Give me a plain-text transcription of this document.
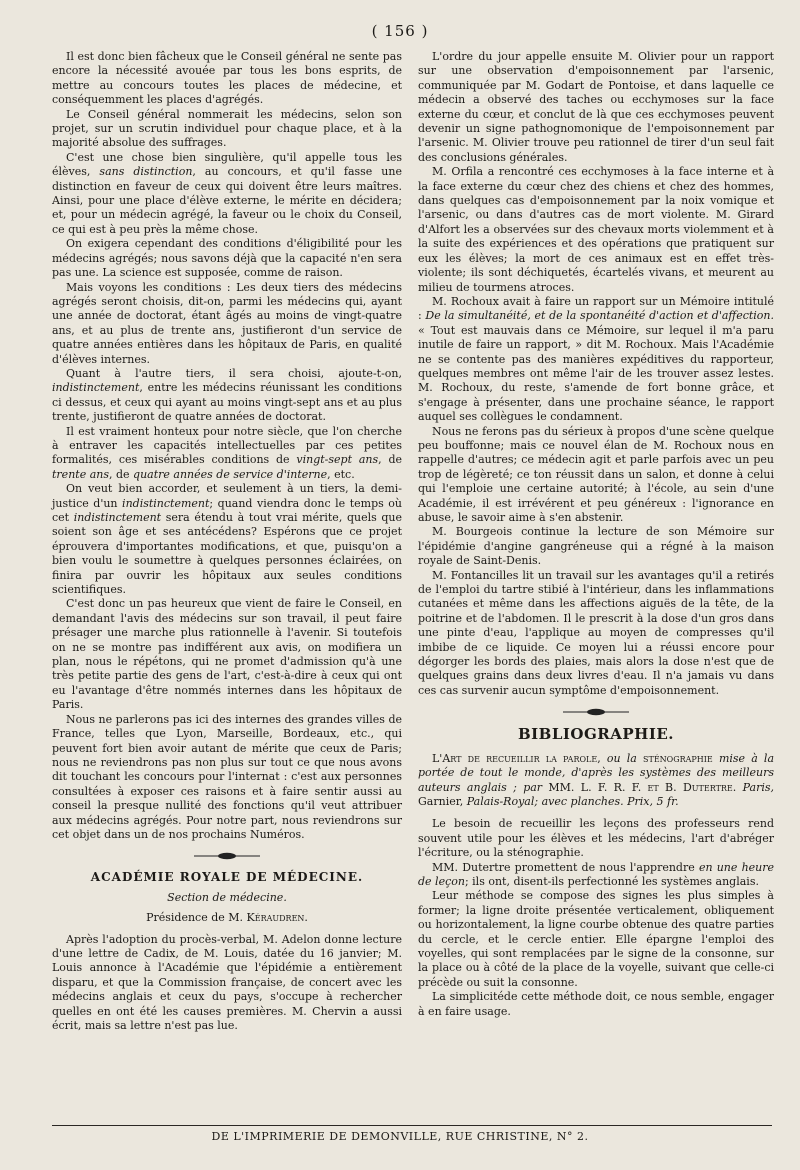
( 156 )

Il est donc bien fâcheux que le Conseil général ne sente pas encore la nécessité avouée par tous les bons esprits, de mettre au concours toutes les places de médecine, et conséquemment les places d'agrégés.

Le Conseil général nommerait les médecins, selon son projet, sur un scrutin individuel pour chaque place, et à la majorité absolue des suffrages.

C'est une chose bien singulière, qu'il appelle tous les élèves, sans distinction, au concours, et qu'il fasse une distinction en faveur de ceux qui doivent être leurs maîtres. Ainsi, pour une place d'élève externe, le mérite en décidera; et, pour un médecin agrégé, la faveur ou le choix du Conseil, ce qui est à peu près la même chose.

On exigera cependant des conditions d'éligibilité pour les médecins agrégés; nous savons déjà que la capacité n'en sera pas une. La science est supposée, comme de raison.

Mais voyons les conditions : Les deux tiers des médecins agrégés seront choisis, dit-on, parmi les médecins qui, ayant une année de doctorat, étant âgés au moins de vingt-quatre ans, et au plus de trente ans, justifieront d'un service de quatre années entières dans les hôpitaux de Paris, en qualité d'élèves internes.

Quant à l'autre tiers, il sera choisi, ajoute-t-on, indistinctement, entre les médecins réunissant les conditions ci dessus, et ceux qui ayant au moins vingt-sept ans et au plus trente, justifieront de quatre années de doctorat.

Il est vraiment honteux pour notre siècle, que l'on cherche à entraver les capacités intellectuelles par ces petites formalités, ces misérables conditions de vingt-sept ans, de trente ans, de quatre années de service d'interne, etc.

On veut bien accorder, et seulement à un tiers, la demi-justice d'un indistinctement; quand viendra donc le temps où cet indistinctement sera étendu à tout vrai mérite, quels que soient son âge et ses antécédens? Espérons que ce projet éprouvera d'importantes modifications, et que, puisqu'on a bien voulu le soumettre à quelques personnes éclairées, on finira par ouvrir les hôpitaux aux seules conditions scientifiques.

C'est donc un pas heureux que vient de faire le Conseil, en demandant l'avis des médecins sur son travail, il peut faire présager une marche plus rationnelle à l'avenir. Si toutefois on ne se montre pas indifférent aux avis, on modifiera un plan, nous le répétons, qui ne promet d'admission qu'à une très petite partie des gens de l'art, c'est-à-dire à ceux qui ont eu l'avantage d'être nommés internes dans les hôpitaux de Paris.

Nous ne parlerons pas ici des internes des grandes villes de France, telles que Lyon, Marseille, Bordeaux, etc., qui peuvent fort bien avoir autant de mérite que ceux de Paris; nous ne reviendrons pas non plus sur tout ce que nous avons dit touchant les concours pour l'internat : c'est aux personnes consultées à exposer ces raisons et à faire sentir aussi au conseil la presque nullité des fonctions qu'il veut attribuer aux médecins agrégés. Pour notre part, nous reviendrons sur cet objet dans un de nos prochains Numéros.

ACADÉMIE ROYALE DE MÉDECINE.
Section de médecine.
Présidence de M. Kéraudren.

Après l'adoption du procès-verbal, M. Adelon donne lecture d'une lettre de Cadix, de M. Louis, datée du 16 janvier; M. Louis annonce à l'Académie que l'épidémie a entièrement disparu, et que la Commission française, de concert avec les médecins anglais et ceux du pays, s'occupe à rechercher quelles en ont été les causes premières. M. Chervin a aussi écrit, mais sa lettre n'est pas lue.

L'ordre du jour appelle ensuite M. Olivier pour un rapport sur une observation d'empoisonnement par l'arsenic, communiquée par M. Godart de Pontoise, et dans laquelle ce médecin a observé des taches ou ecchymoses sur la face externe du cœur, et conclut de là que ces ecchymoses peuvent devenir un signe pathognomonique de l'empoisonnement par l'arsenic. M. Olivier trouve peu rationnel de tirer d'un seul fait des conclusions générales.

M. Orfila a rencontré ces ecchymoses à la face interne et à la face externe du cœur chez des chiens et chez des hommes, dans quelques cas d'empoisonnement par la noix vomique et l'arsenic, ou dans d'autres cas de mort violente. M. Girard d'Alfort les a observées sur des chevaux morts violemment et à la suite des expériences et des opérations que pratiquent sur eux les élèves; la mort de ces animaux est en effet très-violente; ils sont déchiquetés, écartelés vivans, et meurent au milieu de tourmens atroces.

M. Rochoux avait à faire un rapport sur un Mémoire intitulé : De la simultanéité, et de la spontanéité d'action et d'affection. « Tout est mauvais dans ce Mémoire, sur lequel il m'a paru inutile de faire un rapport, » dit M. Rochoux. Mais l'Académie ne se contente pas des manières expéditives du rapporteur, quelques membres ont même l'air de les trouver assez lestes. M. Rochoux, du reste, s'amende de fort bonne grâce, et s'engage à présenter, dans une prochaine séance, le rapport auquel ses collègues le condamnent.

Nous ne ferons pas du sérieux à propos d'une scène quelque peu bouffonne; mais ce nouvel élan de M. Rochoux nous en rappelle d'autres; ce médecin agit et parle parfois avec un peu trop de légèreté; ce ton réussit dans un salon, et donne à celui qui l'emploie une certaine autorité; à l'école, au sein d'une Académie, il est irrévérent et peu généreux : l'ignorance en abuse, le savoir aime à s'en abstenir.

M. Bourgeois continue la lecture de son Mémoire sur l'épidémie d'angine gangréneuse qui a régné à la maison royale de Saint-Denis.

M. Fontancilles lit un travail sur les avantages qu'il a retirés de l'emploi du tartre stibié à l'intérieur, dans les inflammations cutanées et même dans les affections aiguës de la tête, de la poitrine et de l'abdomen. Il le prescrit à la dose d'un gros dans une pinte d'eau, l'applique au moyen de compresses qu'il imbibe de ce liquide. Ce moyen lui a réussi encore pour dégorger les bords des plaies, mais alors la dose n'est que de quelques grains dans deux livres d'eau. Il n'a jamais vu dans ces cas survenir aucun symptôme d'empoisonnement.

BIBLIOGRAPHIE.

L'Art de recueillir la parole, ou la sténographie mise à la portée de tout le monde, d'après les systèmes des meilleurs auteurs anglais ; par MM. L. F. R. F. et B. Dutertre. Paris, Garnier, Palais-Royal; avec planches. Prix, 5 fr.

Le besoin de recueillir les leçons des professeurs rend souvent utile pour les élèves et les médecins, l'art d'abréger l'écriture, ou la sténographie.

MM. Dutertre promettent de nous l'apprendre en une heure de leçon; ils ont, disent-ils perfectionné les systèmes anglais.

Leur méthode se compose des signes les plus simples à former; la ligne droite présentée verticalement, obliquement ou horizontalement, la ligne courbe obtenue des quatre parties du cercle, et le cercle entier. Elle épargne l'emploi des voyelles, qui sont remplacées par le signe de la consonne, sur la place ou à côté de la place de la voyelle, suivant que celle-ci précède ou suit la consonne.

La simplicitéde cette méthode doit, ce nous semble, engager à en faire usage.

DE L'IMPRIMERIE DE DEMONVILLE, RUE CHRISTINE, N° 2.
